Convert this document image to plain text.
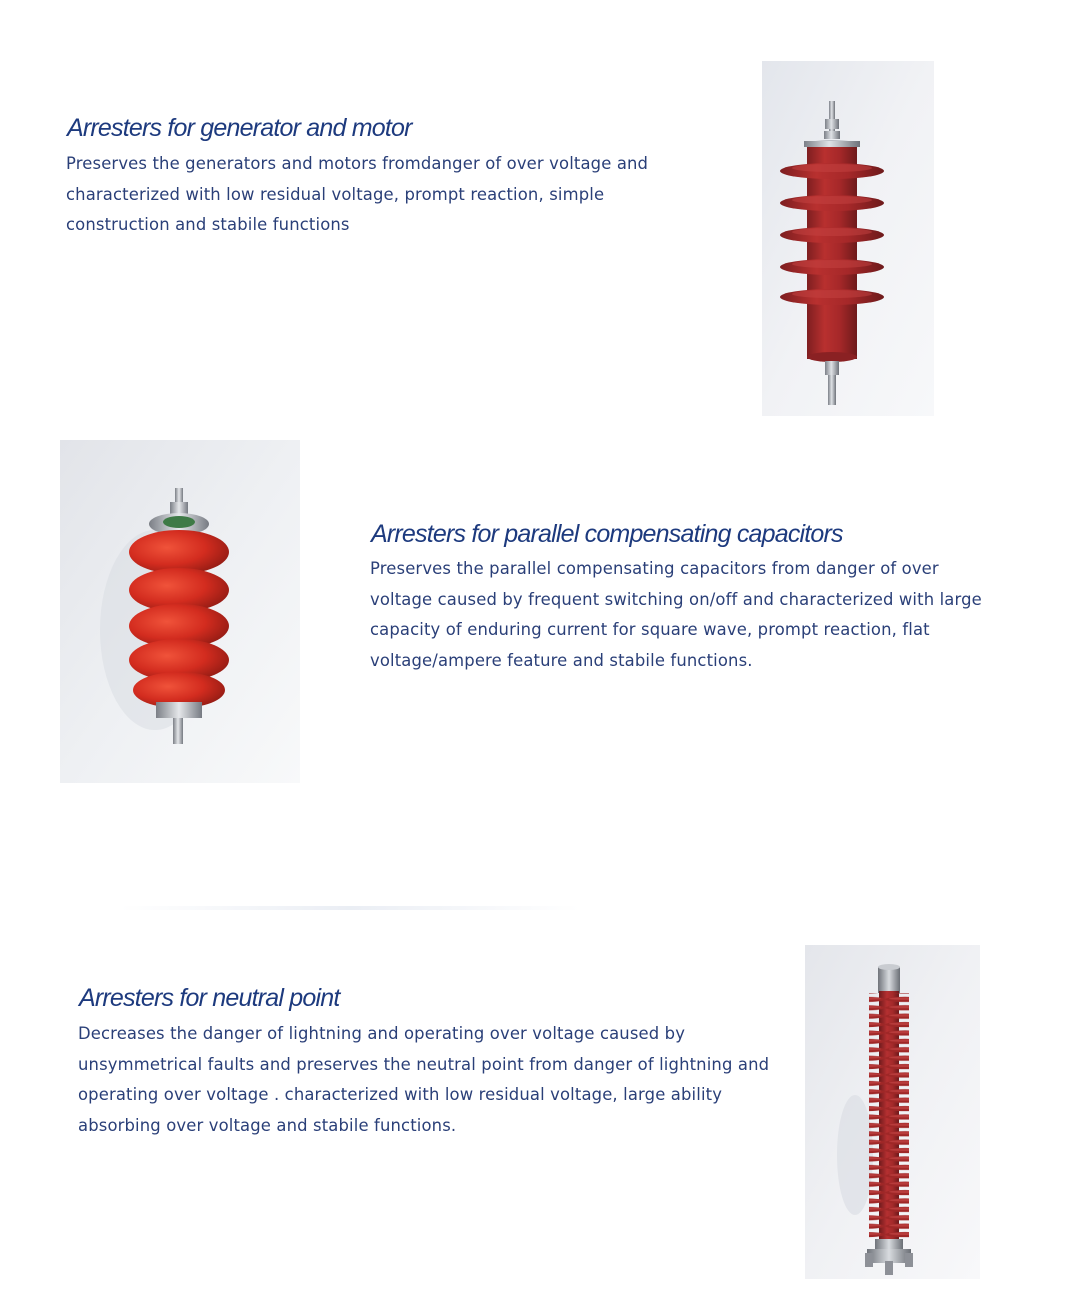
Arresters for generator and motor

Preserves the generators and motors fromdanger of over voltage and characterized with low residual voltage, prompt reaction, simple construction and stabile functions

Arresters for parallel compensating capacitors

Preserves the parallel compensating capacitors from danger of over voltage caused by frequent switching on/off and characterized with large capacity of enduring current for square wave, prompt reaction, flat voltage/ampere feature and stabile functions.

Arresters for neutral point

Decreases the danger of lightning and operating over voltage caused by unsymmetrical faults and preserves the neutral point from danger of lightning and operating over voltage . characterized with low residual voltage, large ability absorbing over voltage and stabile functions.
